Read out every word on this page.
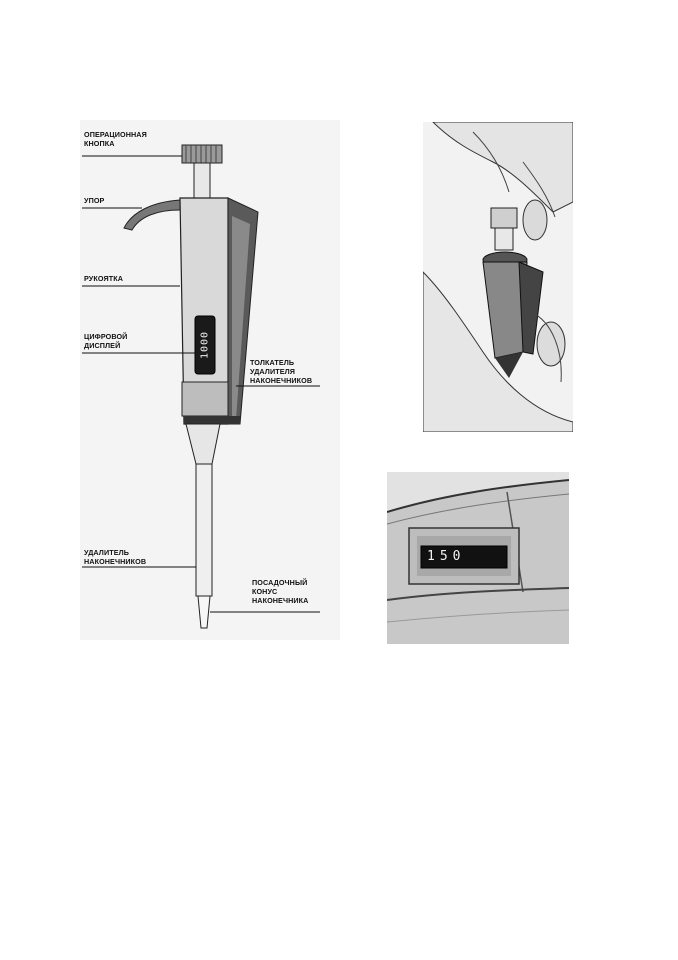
ОПЕРАЦИОННАЯ
КНОПКА
УПОР
РУКОЯТКА
ЦИФРОВОЙ
ДИСПЛЕЙ
ТОЛКАТЕЛЬ
УДАЛИТЕЛЯ
НАКОНЕЧНИКОВ
УДАЛИТЕЛЬ
НАКОНЕЧНИКОВ
ПОСАДОЧНЫЙ
КОНУС
НАКОНЕЧНИКА
1000
150
